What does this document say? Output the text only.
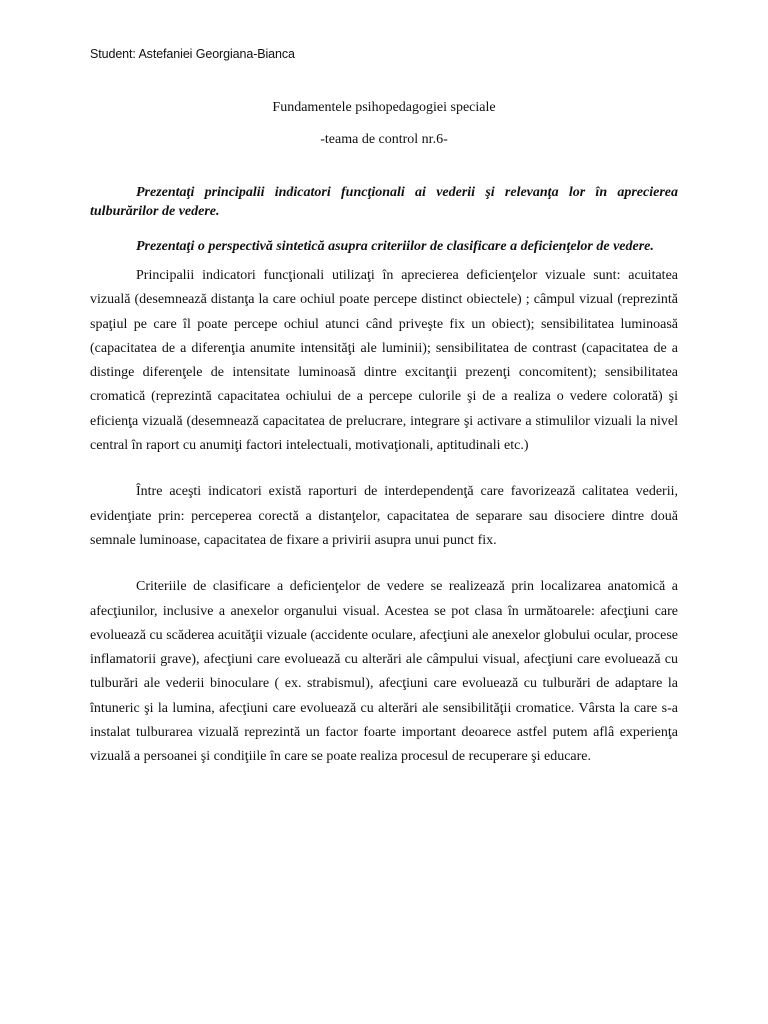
Student: Astefaniei Georgiana-Bianca

Fundamentele psihopedagogiei speciale

-teama de control nr.6-

Prezentaţi principalii indicatori funcţionali ai vederii şi relevanţa lor în aprecierea tulburărilor de vedere.

Prezentaţi o perspectivă sintetică asupra criteriilor de clasificare a deficienţelor de vedere.

Principalii indicatori funcţionali utilizaţi în aprecierea deficienţelor vizuale sunt: acuitatea vizuală (desemnează distanţa la care ochiul poate percepe distinct obiectele) ; câmpul vizual (reprezintă spaţiul pe care îl poate percepe ochiul atunci când priveşte fix un obiect); sensibilitatea luminoasă (capacitatea de a diferenţia anumite intensităţi ale luminii); sensibilitatea de contrast (capacitatea de a distinge diferenţele de intensitate luminoasă dintre excitanţii prezenţi concomitent); sensibilitatea cromatică (reprezintă capacitatea ochiului de a percepe culorile şi de a realiza o vedere colorată) şi eficienţa vizuală (desemnează capacitatea de prelucrare, integrare şi activare a stimulilor vizuali la nivel central în raport cu anumiţi factori intelectuali, motivaţionali, aptitudinali etc.)

Între aceşti indicatori există raporturi de interdependenţă care favorizează calitatea vederii, evidenţiate prin: perceperea corectă a distanţelor, capacitatea de separare sau disociere dintre două semnale luminoase, capacitatea de fixare a privirii asupra unui punct fix.

Criteriile de clasificare a deficienţelor de vedere se realizează prin localizarea anatomică a afecţiunilor, inclusive a anexelor organului visual. Acestea se pot clasa în următoarele: afecţiuni care evoluează cu scăderea acuităţii vizuale (accidente oculare, afecţiuni ale anexelor globului ocular, procese inflamatorii grave), afecţiuni care evoluează cu alterări ale câmpului visual, afecţiuni care evoluează cu tulburări ale vederii binoculare ( ex. strabismul), afecţiuni care evoluează cu tulburări de adaptare la întuneric şi la lumina, afecţiuni care evoluează cu alterări ale sensibilităţii cromatice. Vârsta la care s-a instalat tulburarea vizuală reprezintă un factor foarte important deoarece astfel putem aflâ experienţa vizuală a persoanei şi condiţiile în care se poate realiza procesul de recuperare şi educare.
